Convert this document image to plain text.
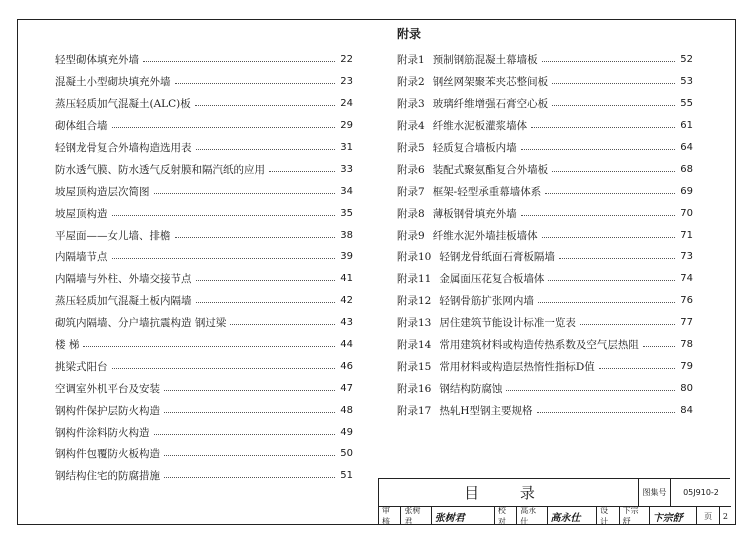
轻型砌体填充外墙	22
混凝土小型砌块填充外墙	23
蒸压轻质加气混凝土(ALC)板	24
砌体组合墙	29
轻钢龙骨复合外墙构造选用表	31
防水透气膜、防水透气反射膜和隔汽纸的应用	33
坡屋顶构造层次简图	34
坡屋顶构造	35
平屋面——女儿墙、排檐	38
内隔墙节点	39
内隔墙与外柱、外墙交接节点	41
蒸压轻质加气混凝土板内隔墙	42
砌筑内隔墙、分户墙抗震构造 钢过梁	43
楼 梯	44
挑梁式阳台	46
空调室外机平台及安装	47
钢构件保护层防火构造	48
钢构件涂料防火构造	49
钢构件包覆防火板构造	50
钢结构住宅的防腐措施	51
附录
附录1 预制钢筋混凝土幕墙板	52
附录2 钢丝网架聚苯夹芯整间板	53
附录3 玻璃纤维增强石膏空心板	55
附录4 纤维水泥板灌浆墙体	61
附录5 轻质复合墙板内墙	64
附录6 装配式聚氨酯复合外墙板	68
附录7 框架-轻型承重幕墙体系	69
附录8 薄板钢骨填充外墙	70
附录9 纤维水泥外墙挂板墙体	71
附录10 轻钢龙骨纸面石膏板隔墙	73
附录11 金属面压花复合板墙体	74
附录12 轻钢骨筋扩张网内墙	76
附录13 居住建筑节能设计标准一览表	77
附录14 常用建筑材料或构造传热系数及空气层热阻	78
附录15 常用材料或构造层热惰性指标D值	79
附录16 钢结构防腐蚀	80
附录17 热轧H型钢主要规格	84
目 录	图集号	05J910-2
审核
张树君	张树君
校对
高永仕	高永仕
设计
卞宗舒	卞宗舒	页	2
